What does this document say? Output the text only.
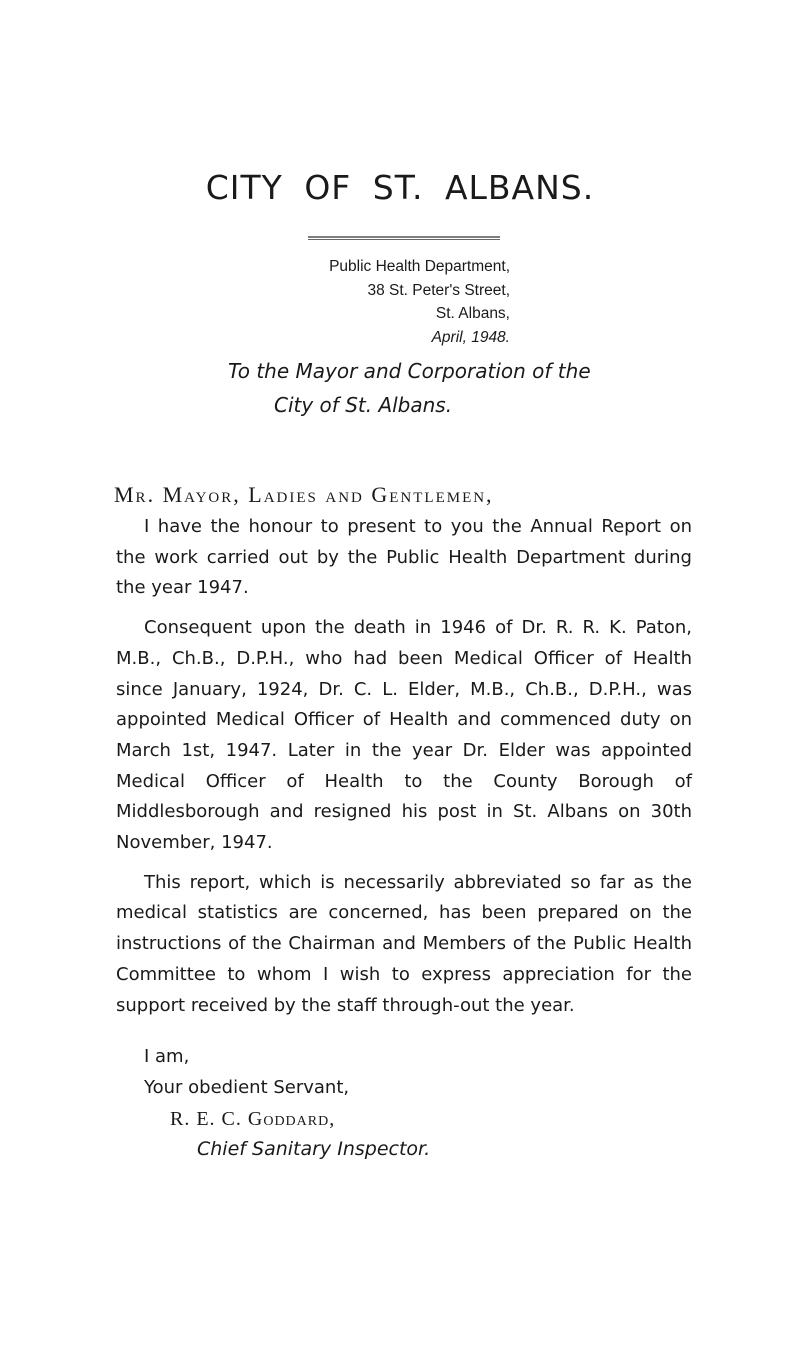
CITY OF ST. ALBANS.
Public Health Department,
38 St. Peter's Street,
St. Albans,
April, 1948.
To the Mayor and Corporation of the
City of St. Albans.
Mr. Mayor, Ladies and Gentlemen,

I have the honour to present to you the Annual Report on the work carried out by the Public Health Department during the year 1947.

Consequent upon the death in 1946 of Dr. R. R. K. Paton, M.B., Ch.B., D.P.H., who had been Medical Officer of Health since January, 1924, Dr. C. L. Elder, M.B., Ch.B., D.P.H., was appointed Medical Officer of Health and commenced duty on March 1st, 1947. Later in the year Dr. Elder was appointed Medical Officer of Health to the County Borough of Middlesborough and resigned his post in St. Albans on 30th November, 1947.

This report, which is necessarily abbreviated so far as the medical statistics are concerned, has been prepared on the instructions of the Chairman and Members of the Public Health Committee to whom I wish to express appreciation for the support received by the staff through-out the year.

I am,
Your obedient Servant,
R. E. C. Goddard,
Chief Sanitary Inspector.
